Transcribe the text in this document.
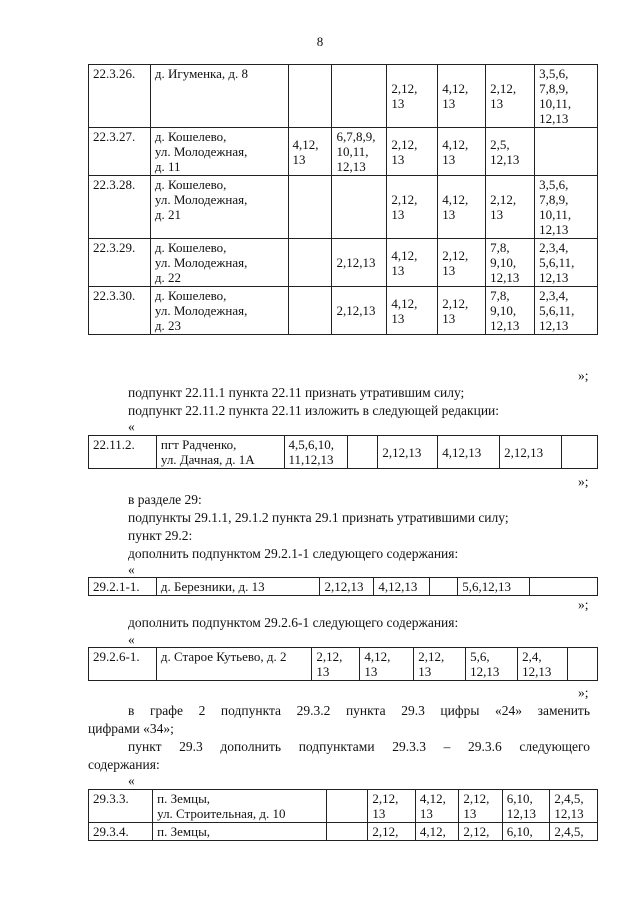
8
22.3.26.	д. Игуменка, д. 8			2,12,
13	4,12,
13	2,12,
13	3,5,6,
7,8,9,
10,11,
12,13
22.3.27.	д. Кошелево,
ул. Молодежная,
д. 11	4,12,
13	6,7,8,9,
10,11,
12,13	2,12,
13	4,12,
13	2,5,
12,13	
22.3.28.	д. Кошелево,
ул. Молодежная,
д. 21			2,12,
13	4,12,
13	2,12,
13	3,5,6,
7,8,9,
10,11,
12,13
22.3.29.	д. Кошелево,
ул. Молодежная,
д. 22		2,12,13	4,12,
13	2,12,
13	7,8,
9,10,
12,13	2,3,4,
5,6,11,
12,13
22.3.30.	д. Кошелево,
ул. Молодежная,
д. 23		2,12,13	4,12,
13	2,12,
13	7,8,
9,10,
12,13	2,3,4,
5,6,11,
12,13
»;
подпункт 22.11.1 пункта 22.11 признать утратившим силу;
подпункт 22.11.2 пункта 22.11 изложить в следующей редакции:
«
22.11.2.	пгт Радченко,
ул. Дачная, д. 1А	4,5,6,10,
11,12,13		2,12,13	4,12,13	2,12,13	
»;
в разделе 29:
подпункты 29.1.1, 29.1.2 пункта 29.1 признать утратившими силу;
пункт 29.2:
дополнить подпунктом 29.2.1-1 следующего содержания:
«
29.2.1-1.	д. Березники, д. 13	2,12,13	4,12,13		5,6,12,13	
»;
дополнить подпунктом 29.2.6-1 следующего содержания:
«
29.2.6-1.	д. Старое Кутьево, д. 2	2,12,
13	4,12,
13	2,12,
13	5,6,
12,13	2,4,
12,13	
»;
в графе 2 подпункта 29.3.2 пункта 29.3 цифры «24» заменить
цифрами «34»;
пункт 29.3 дополнить подпунктами 29.3.3 – 29.3.6 следующего
содержания:
«
29.3.3.	п. Земцы,
ул. Строительная, д. 10		2,12,
13	4,12,
13	2,12,
13	6,10,
12,13	2,4,5,
12,13
29.3.4.	п. Земцы,		2,12,	4,12,	2,12,	6,10,	2,4,5,
